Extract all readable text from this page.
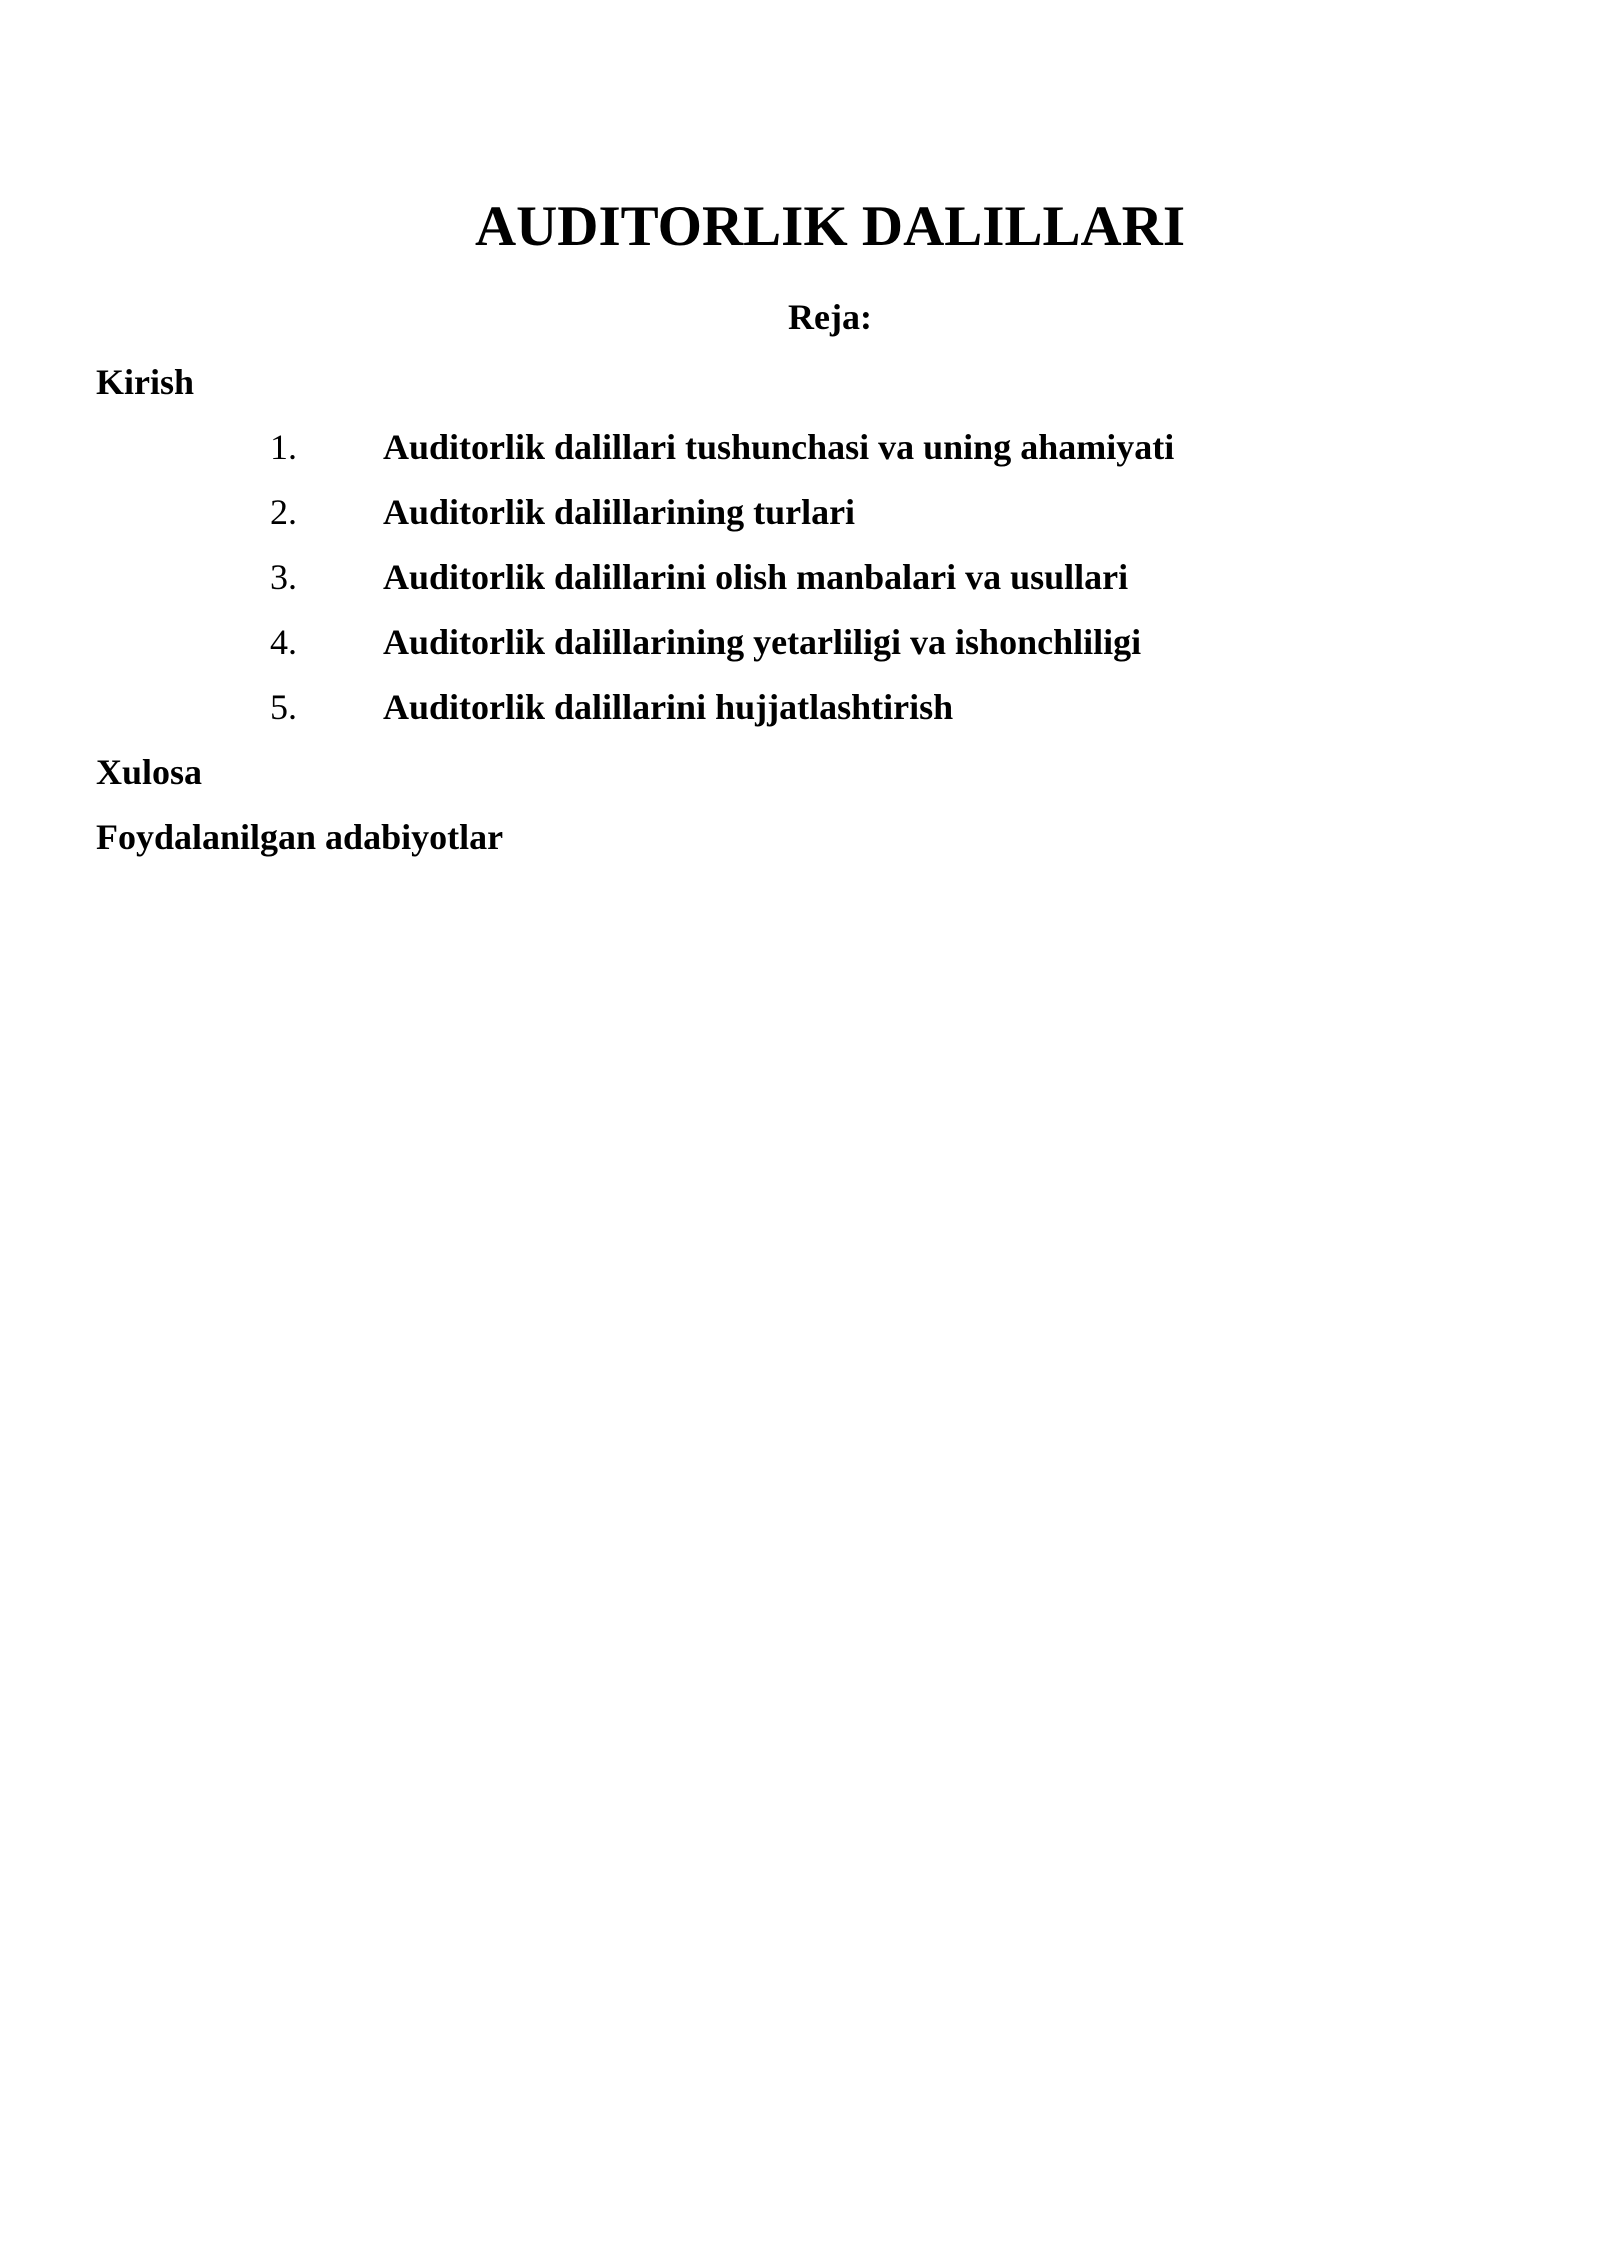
AUDITORLIK DALILLARI
Reja:
Kirish
1. Auditorlik dalillari tushunchasi va uning ahamiyati
2. Auditorlik dalillarining turlari
3. Auditorlik dalillarini olish manbalari va usullari
4. Auditorlik dalillarining yetarliligi va ishonchliligi
5. Auditorlik dalillarini hujjatlashtirish
Xulosa
Foydalanilgan adabiyotlar
